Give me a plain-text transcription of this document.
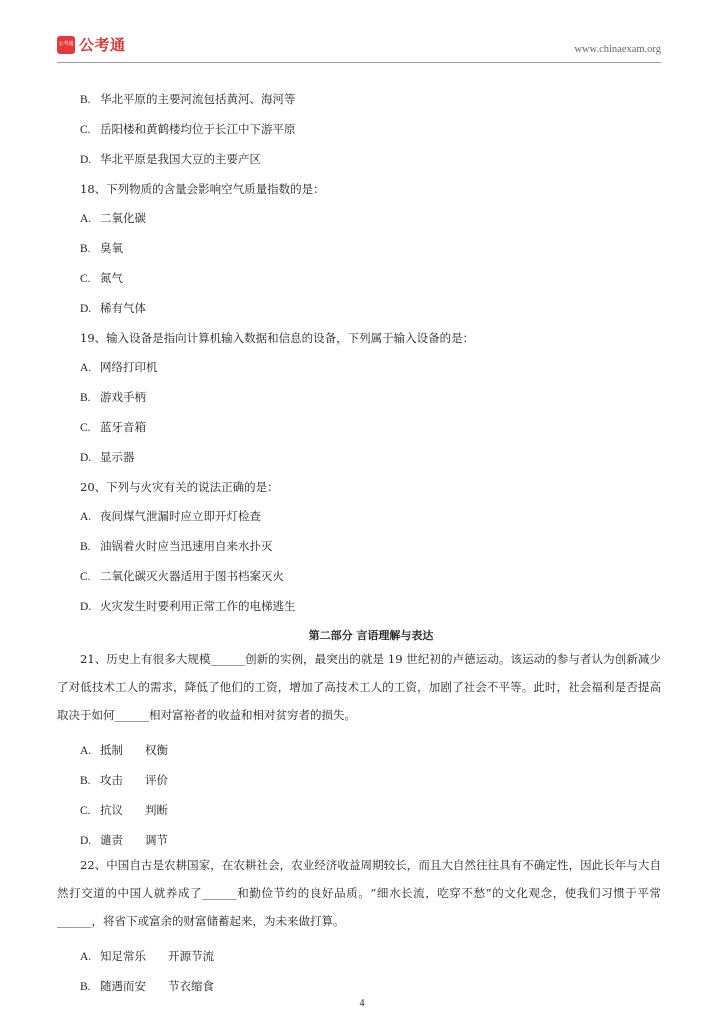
公考通 公考通	www.chinaexam.org
B. 华北平原的主要河流包括黄河、海河等
C. 岳阳楼和黄鹤楼均位于长江中下游平原
D. 华北平原是我国大豆的主要产区
18、下列物质的含量会影响空气质量指数的是：
A. 二氧化碳
B. 臭氧
C. 氮气
D. 稀有气体
19、输入设备是指向计算机输入数据和信息的设备，下列属于输入设备的是：
A. 网络打印机
B. 游戏手柄
C. 蓝牙音箱
D. 显示器
20、下列与火灾有关的说法正确的是：
A. 夜间煤气泄漏时应立即开灯检查
B. 油锅着火时应当迅速用自来水扑灭
C. 二氧化碳灭火器适用于图书档案灭火
D. 火灾发生时要利用正常工作的电梯逃生
第二部分 言语理解与表达
21、历史上有很多大规模______创新的实例，最突出的就是 19 世纪初的卢德运动。该运动的参与者认为创新减少了对低技术工人的需求，降低了他们的工资，增加了高技术工人的工资，加剧了社会不平等。此时，社会福利是否提高取决于如何______相对富裕者的收益和相对贫穷者的损失。
A. 抵制 权衡
B. 攻击 评价
C. 抗议 判断
D. 谴责 调节
22、中国自古是农耕国家，在农耕社会，农业经济收益周期较长，而且大自然往往具有不确定性，因此长年与大自然打交道的中国人就养成了______和勤俭节约的良好品质。“细水长流，吃穿不愁”的文化观念，使我们习惯于平常______，将省下或富余的财富储蓄起来，为未来做打算。
A. 知足常乐 开源节流
B. 随遇而安 节衣缩食
4
